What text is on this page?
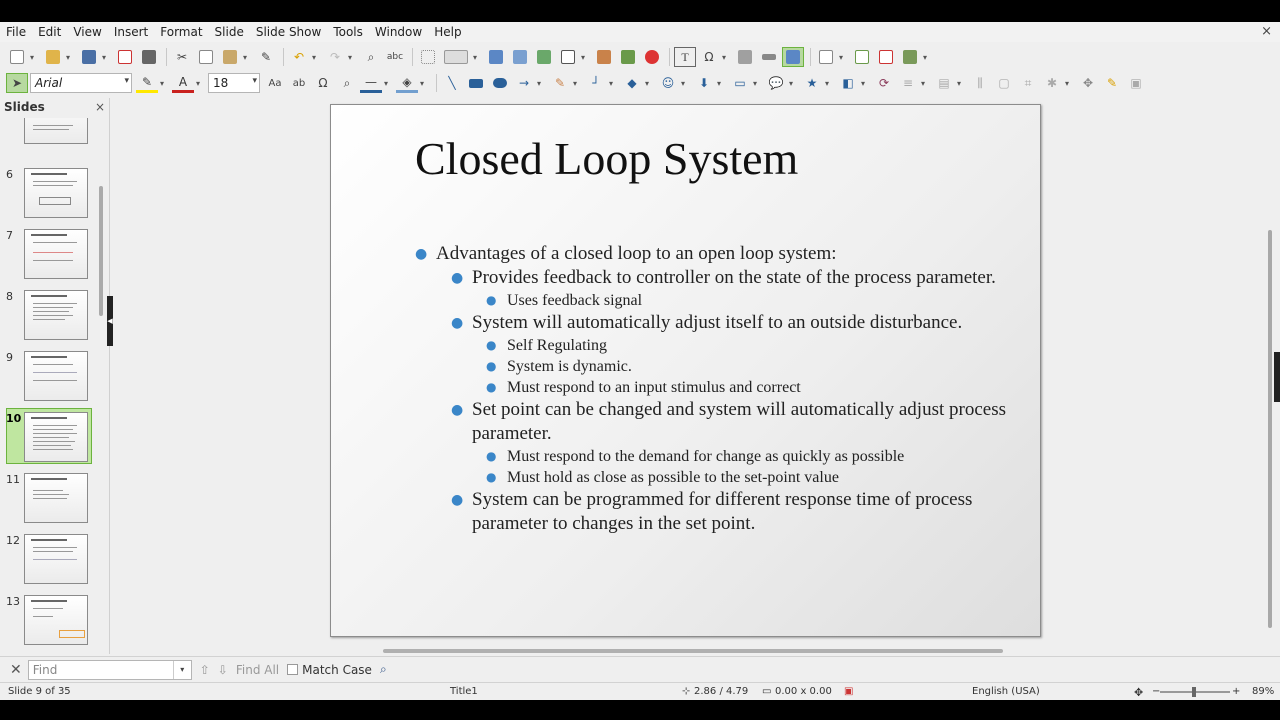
File	Edit	View	Insert	Format	Slide	Slide Show	Tools	Window	Help	×
▾	▾	▾	✂	▾	✎	↶ ▾	↷ ▾	⌕	abc	▾	▾	T	Ω	▾	▾	▾
➤	Arial	▾	✎ ▾	A	▾	18	▾	Aa	ab	Ω	⌕	— ▾	◈	▾	╲	→ ▾	✎ ▾	┘	▾	◆	▾	☺ ▾	⬇ ▾	▭ ▾ 💬 ▾	★ ▾	◧ ▾	⟳	≡ ▾	▤ ▾	⫼	▢	⌗	✱ ▾	✥	✎	▣
Slides	×
6
7
8
9
10
11
12
13
◀
Closed Loop System
● Advantages of a closed loop to an open loop system:
● Provides feedback to controller on the state of the process parameter.
● Uses feedback signal
● System will automatically adjust itself to an outside disturbance.
● Self Regulating
● System is dynamic.
● Must respond to an input stimulus and correct
● Set point can be changed and system will automatically adjust process parameter.
● Must respond to the demand for change as quickly as possible
● Must hold as close as possible to the set-point value
● System can be programmed for different response time of process parameter to changes in the set point.
✕
Find	▾	⇧ ⇩ Find All Match Case ⌕
Slide 9 of 35	Title1	⊹ 2.86 / 4.79 ▭ 0.00 x 0.00 ▣	English (USA)	✥ −	+ 89%
